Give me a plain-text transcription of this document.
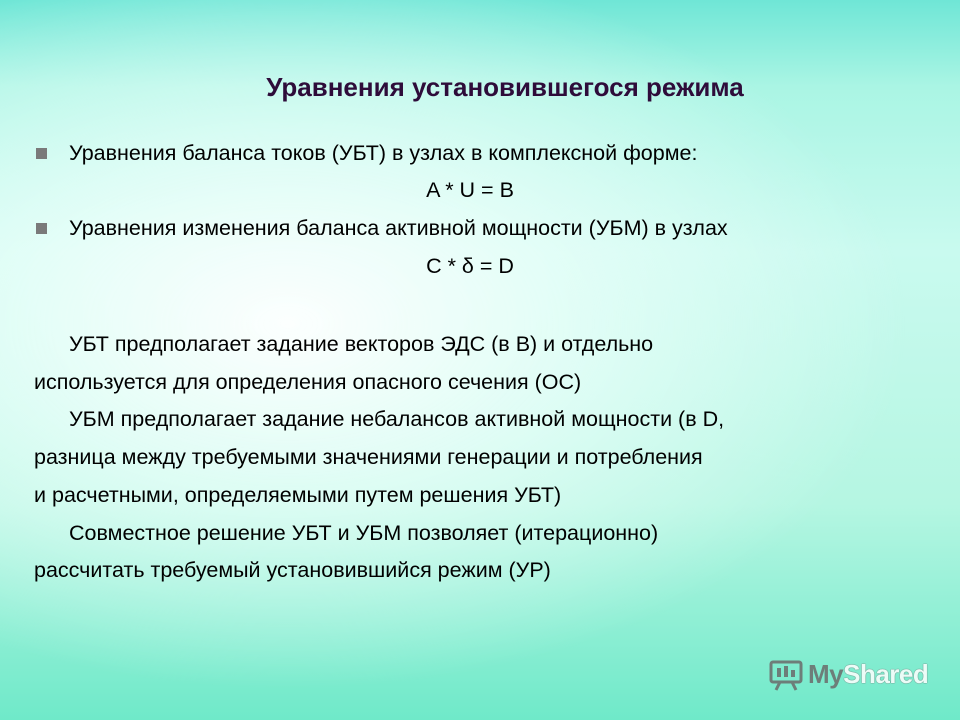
Уравнения установившегося режима
Уравнения баланса токов (УБТ) в узлах в комплексной форме:
A * U = B
Уравнения изменения баланса активной мощности (УБМ) в узлах
C * δ = D
УБТ предполагает задание векторов ЭДС (в B) и отдельно
используется для определения опасного сечения (ОС)
УБМ предполагает задание небалансов активной мощности (в D,
разница между требуемыми значениями генерации и потребления
и расчетными, определяемыми путем решения УБТ)
Совместное решение УБТ и УБМ позволяет (итерационно)
рассчитать требуемый установившийся режим (УР)
MyShared
